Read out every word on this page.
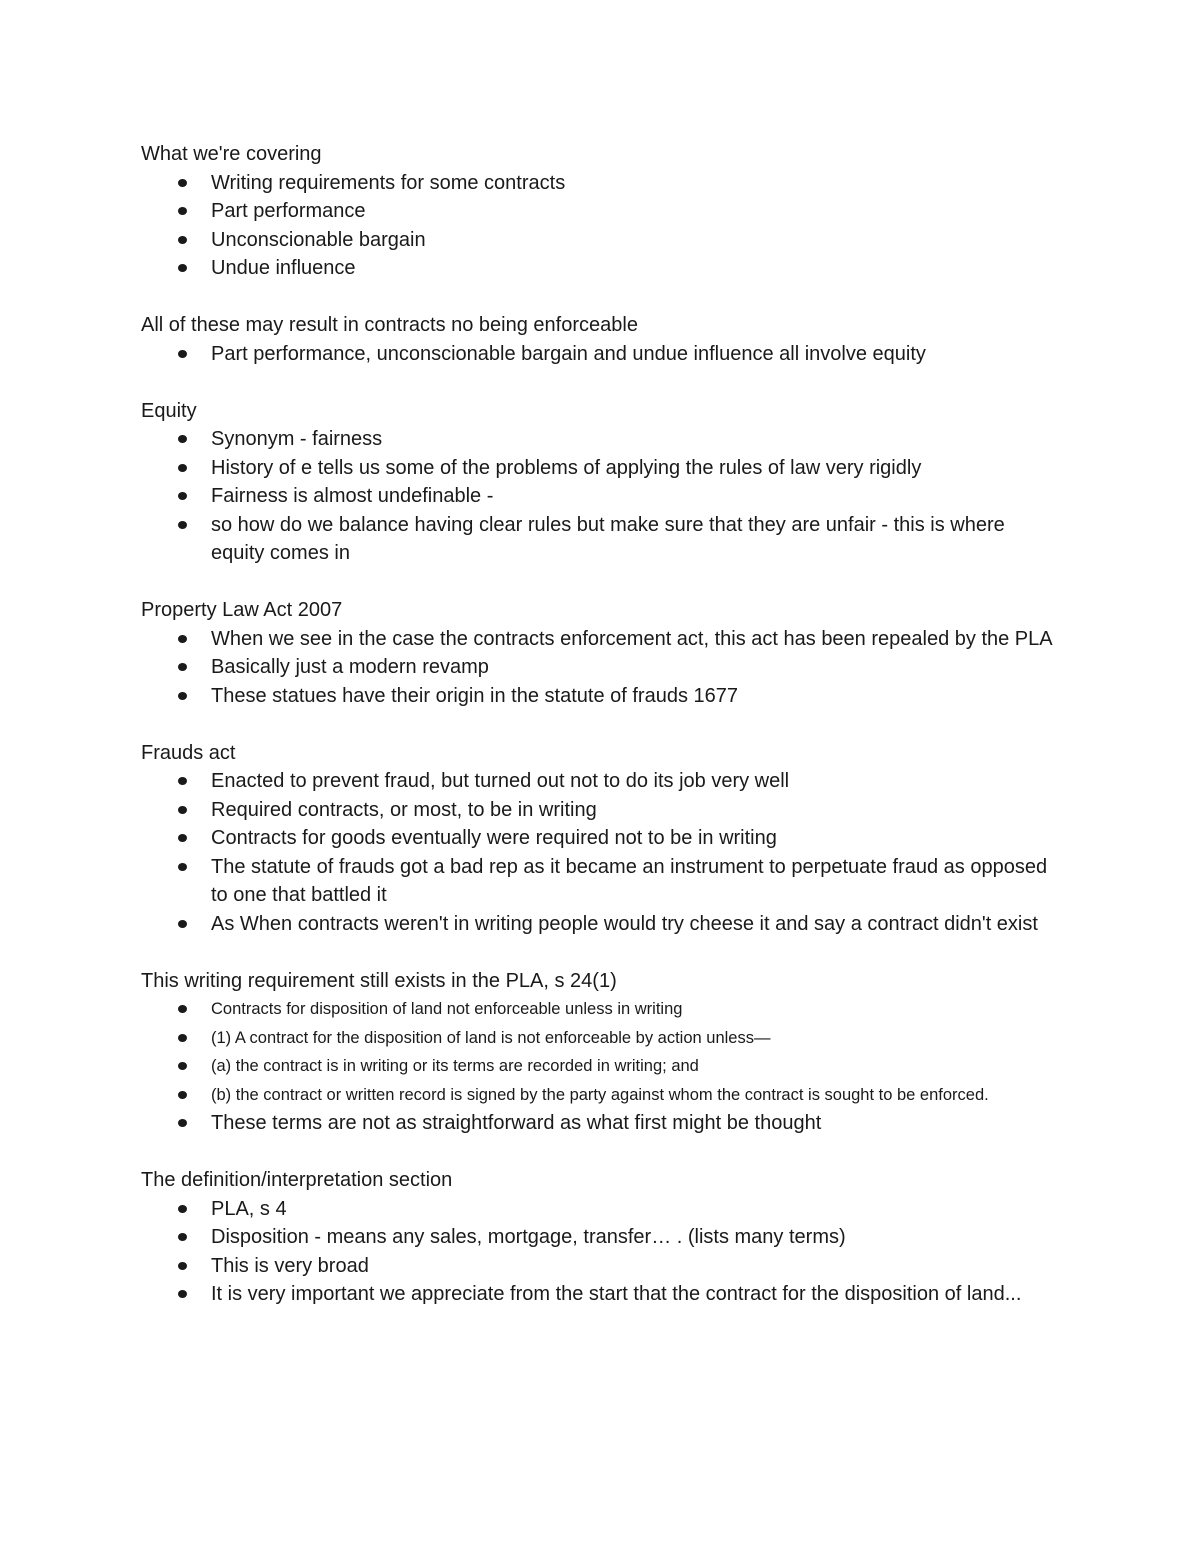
What we're covering

Writing requirements for some contracts
Part performance
Unconscionable bargain
Undue influence

All of these may result in contracts no being enforceable

Part performance, unconscionable bargain and undue influence all involve equity

Equity

Synonym - fairness
History of e tells us some of the problems of applying the rules of law very rigidly
Fairness is almost undefinable -
so how do we balance having clear rules but make sure that they are unfair - this is where equity comes in

Property Law Act 2007

When we see in the case the contracts enforcement act, this act has been repealed by the PLA
Basically just a modern revamp
These statues have their origin in the statute of frauds 1677

Frauds act

Enacted to prevent fraud, but turned out not to do its job very well
Required contracts, or most, to be in writing
Contracts for goods eventually were required not to be in writing
The statute of frauds got a bad rep as it became an instrument to perpetuate fraud as opposed to one that battled it
As When contracts weren't in writing people would try cheese it and say a contract didn't exist

This writing requirement still exists in the PLA, s 24(1)

Contracts for disposition of land not enforceable unless in writing
(1) A contract for the disposition of land is not enforceable by action unless—
(a) the contract is in writing or its terms are recorded in writing; and
(b) the contract or written record is signed by the party against whom the contract is sought to be enforced.
These terms are not as straightforward as what first might be thought

The definition/interpretation section

PLA, s 4
Disposition - means any sales, mortgage, transfer… . (lists many terms)
This is very broad
It is very important we appreciate from the start that the contract for the disposition of land...
